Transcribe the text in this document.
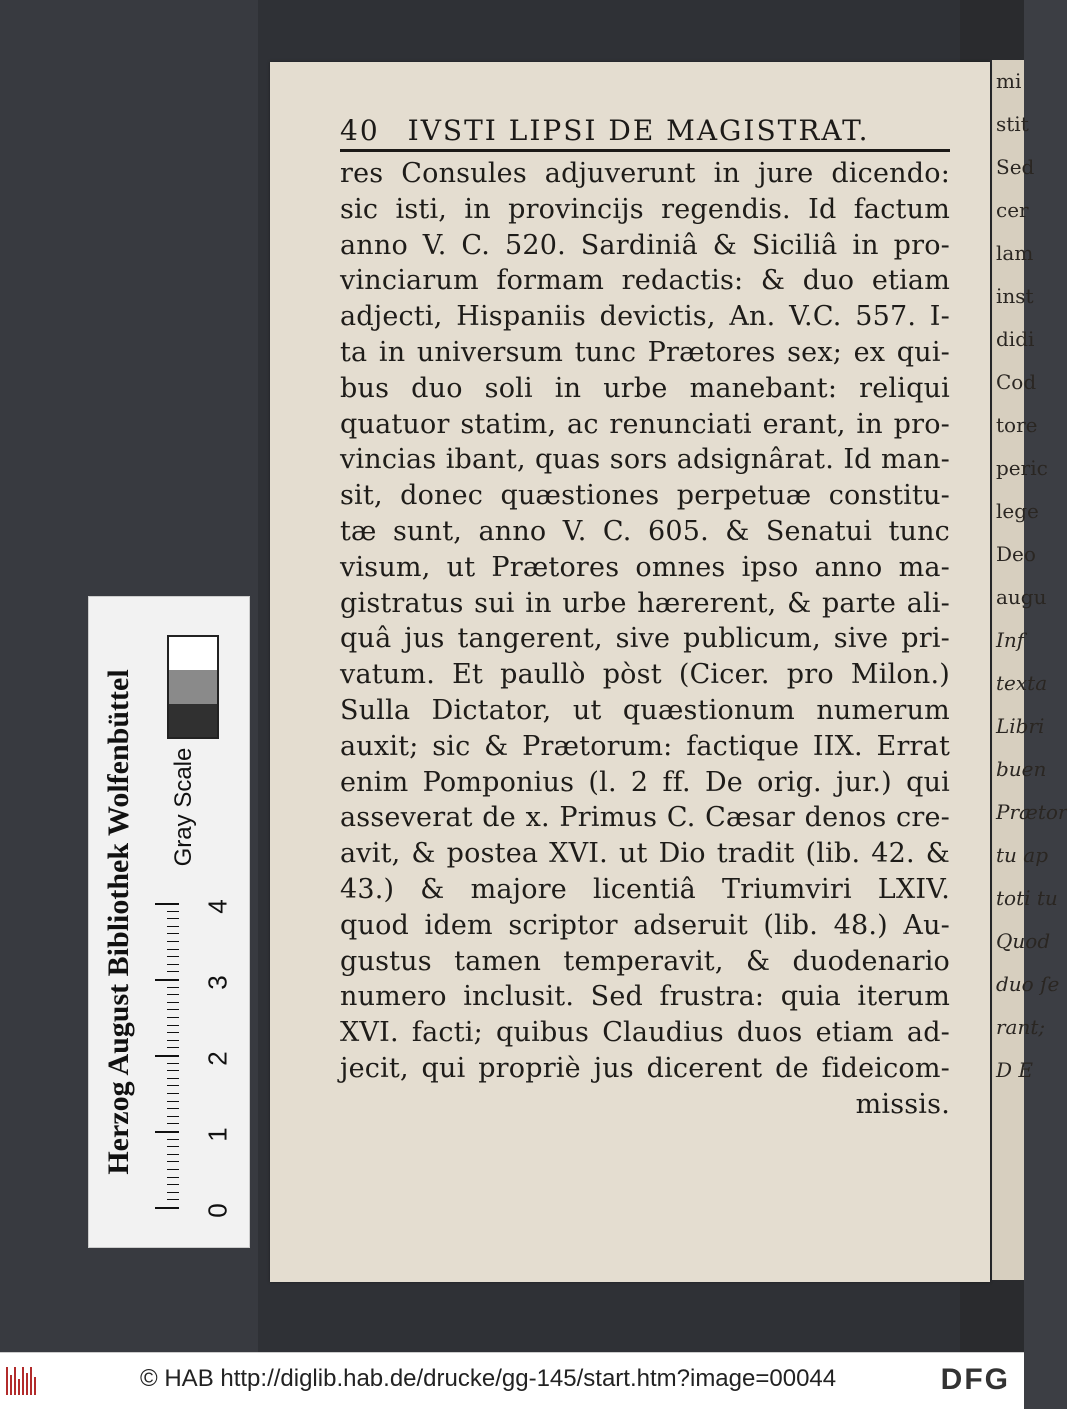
mi
stit
Sed
cer
lam
inst
didi
Cod
tore
peric
lege
Deo
augu
Inf
texta
Libri
buen
Prætor
tu ap
toti tu
Quod
duo ſe
rant;
D E
40 IVSTI LIPSI DE MAGISTRAT.
res Consules adjuverunt in jure dicendo:
sic isti, in provincijs regendis. Id factum
anno V. C. 520. Sardiniâ & Siciliâ in pro-
vinciarum formam redactis: & duo etiam
adjecti, Hispaniis devictis, An. V.C. 557. I-
ta in universum tunc Prætores sex; ex qui-
bus duo soli in urbe manebant: reliqui
quatuor statim, ac renunciati erant, in pro-
vincias ibant, quas sors adsignârat. Id man-
sit, donec quæstiones perpetuæ constitu-
tæ sunt, anno V. C. 605. & Senatui tunc
visum, ut Prætores omnes ipso anno ma-
gistratus sui in urbe hærerent, & parte ali-
quâ jus tangerent, sive publicum, sive pri-
vatum. Et paullò pòst (Cicer. pro Milon.)
Sulla Dictator, ut quæstionum numerum
auxit; sic & Prætorum: factique IIX. Errat
enim Pomponius (l. 2 ff. De orig. jur.) qui
asseverat de x. Primus C. Cæsar denos cre-
avit, & postea XVI. ut Dio tradit (lib. 42. &
43.) & majore licentiâ Triumviri LXIV.
quod idem scriptor adseruit (lib. 48.) Au-
gustus tamen temperavit, & duodenario
numero inclusit. Sed frustra: quia iterum
XVI. facti; quibus Claudius duos etiam ad-
jecit, qui propriè jus dicerent de fideicom-
missis.
Herzog August Bibliothek Wolfenbüttel Gray Scale
0
1
2
3
4
© HAB http://diglib.hab.de/drucke/gg-145/start.htm?image=00044	DFG
